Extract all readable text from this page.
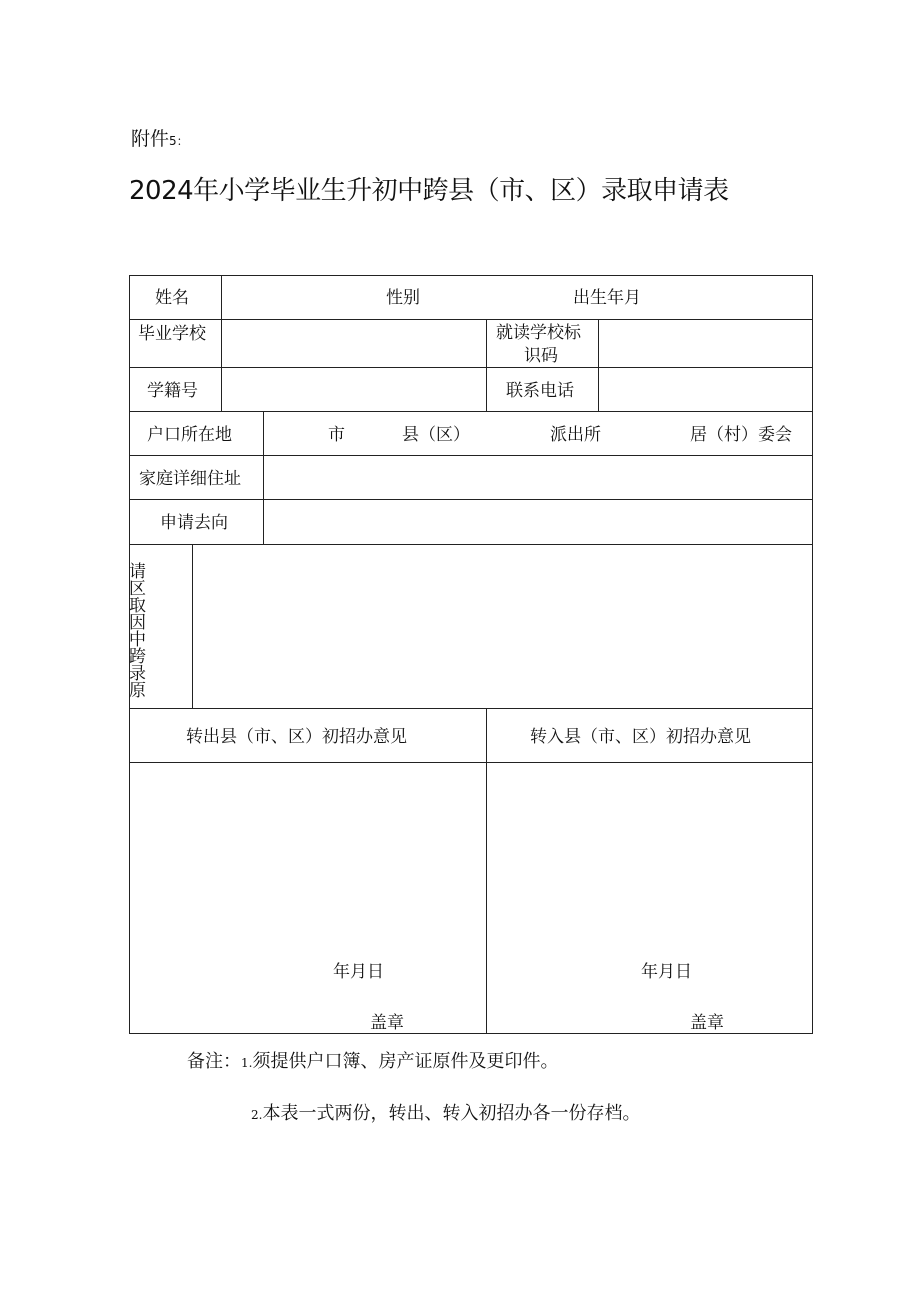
附件5：
2024年小学毕业生升初中跨县（市、区）录取申请表
姓名	性别	出生年月
毕业学校	就读学校标
识码
学籍号	联系电话
户口所在地	市	县（区）	派出所	居（村）委会
家庭详细住址
申请去向
请区取因中跨录原
转出县（市、区）初招办意见	转入县（市、区）初招办意见
年月日
盖章
年月日
盖章
备注：1.须提供户口簿、房产证原件及更印件。
2.本表一式两份，转出、转入初招办各一份存档。
